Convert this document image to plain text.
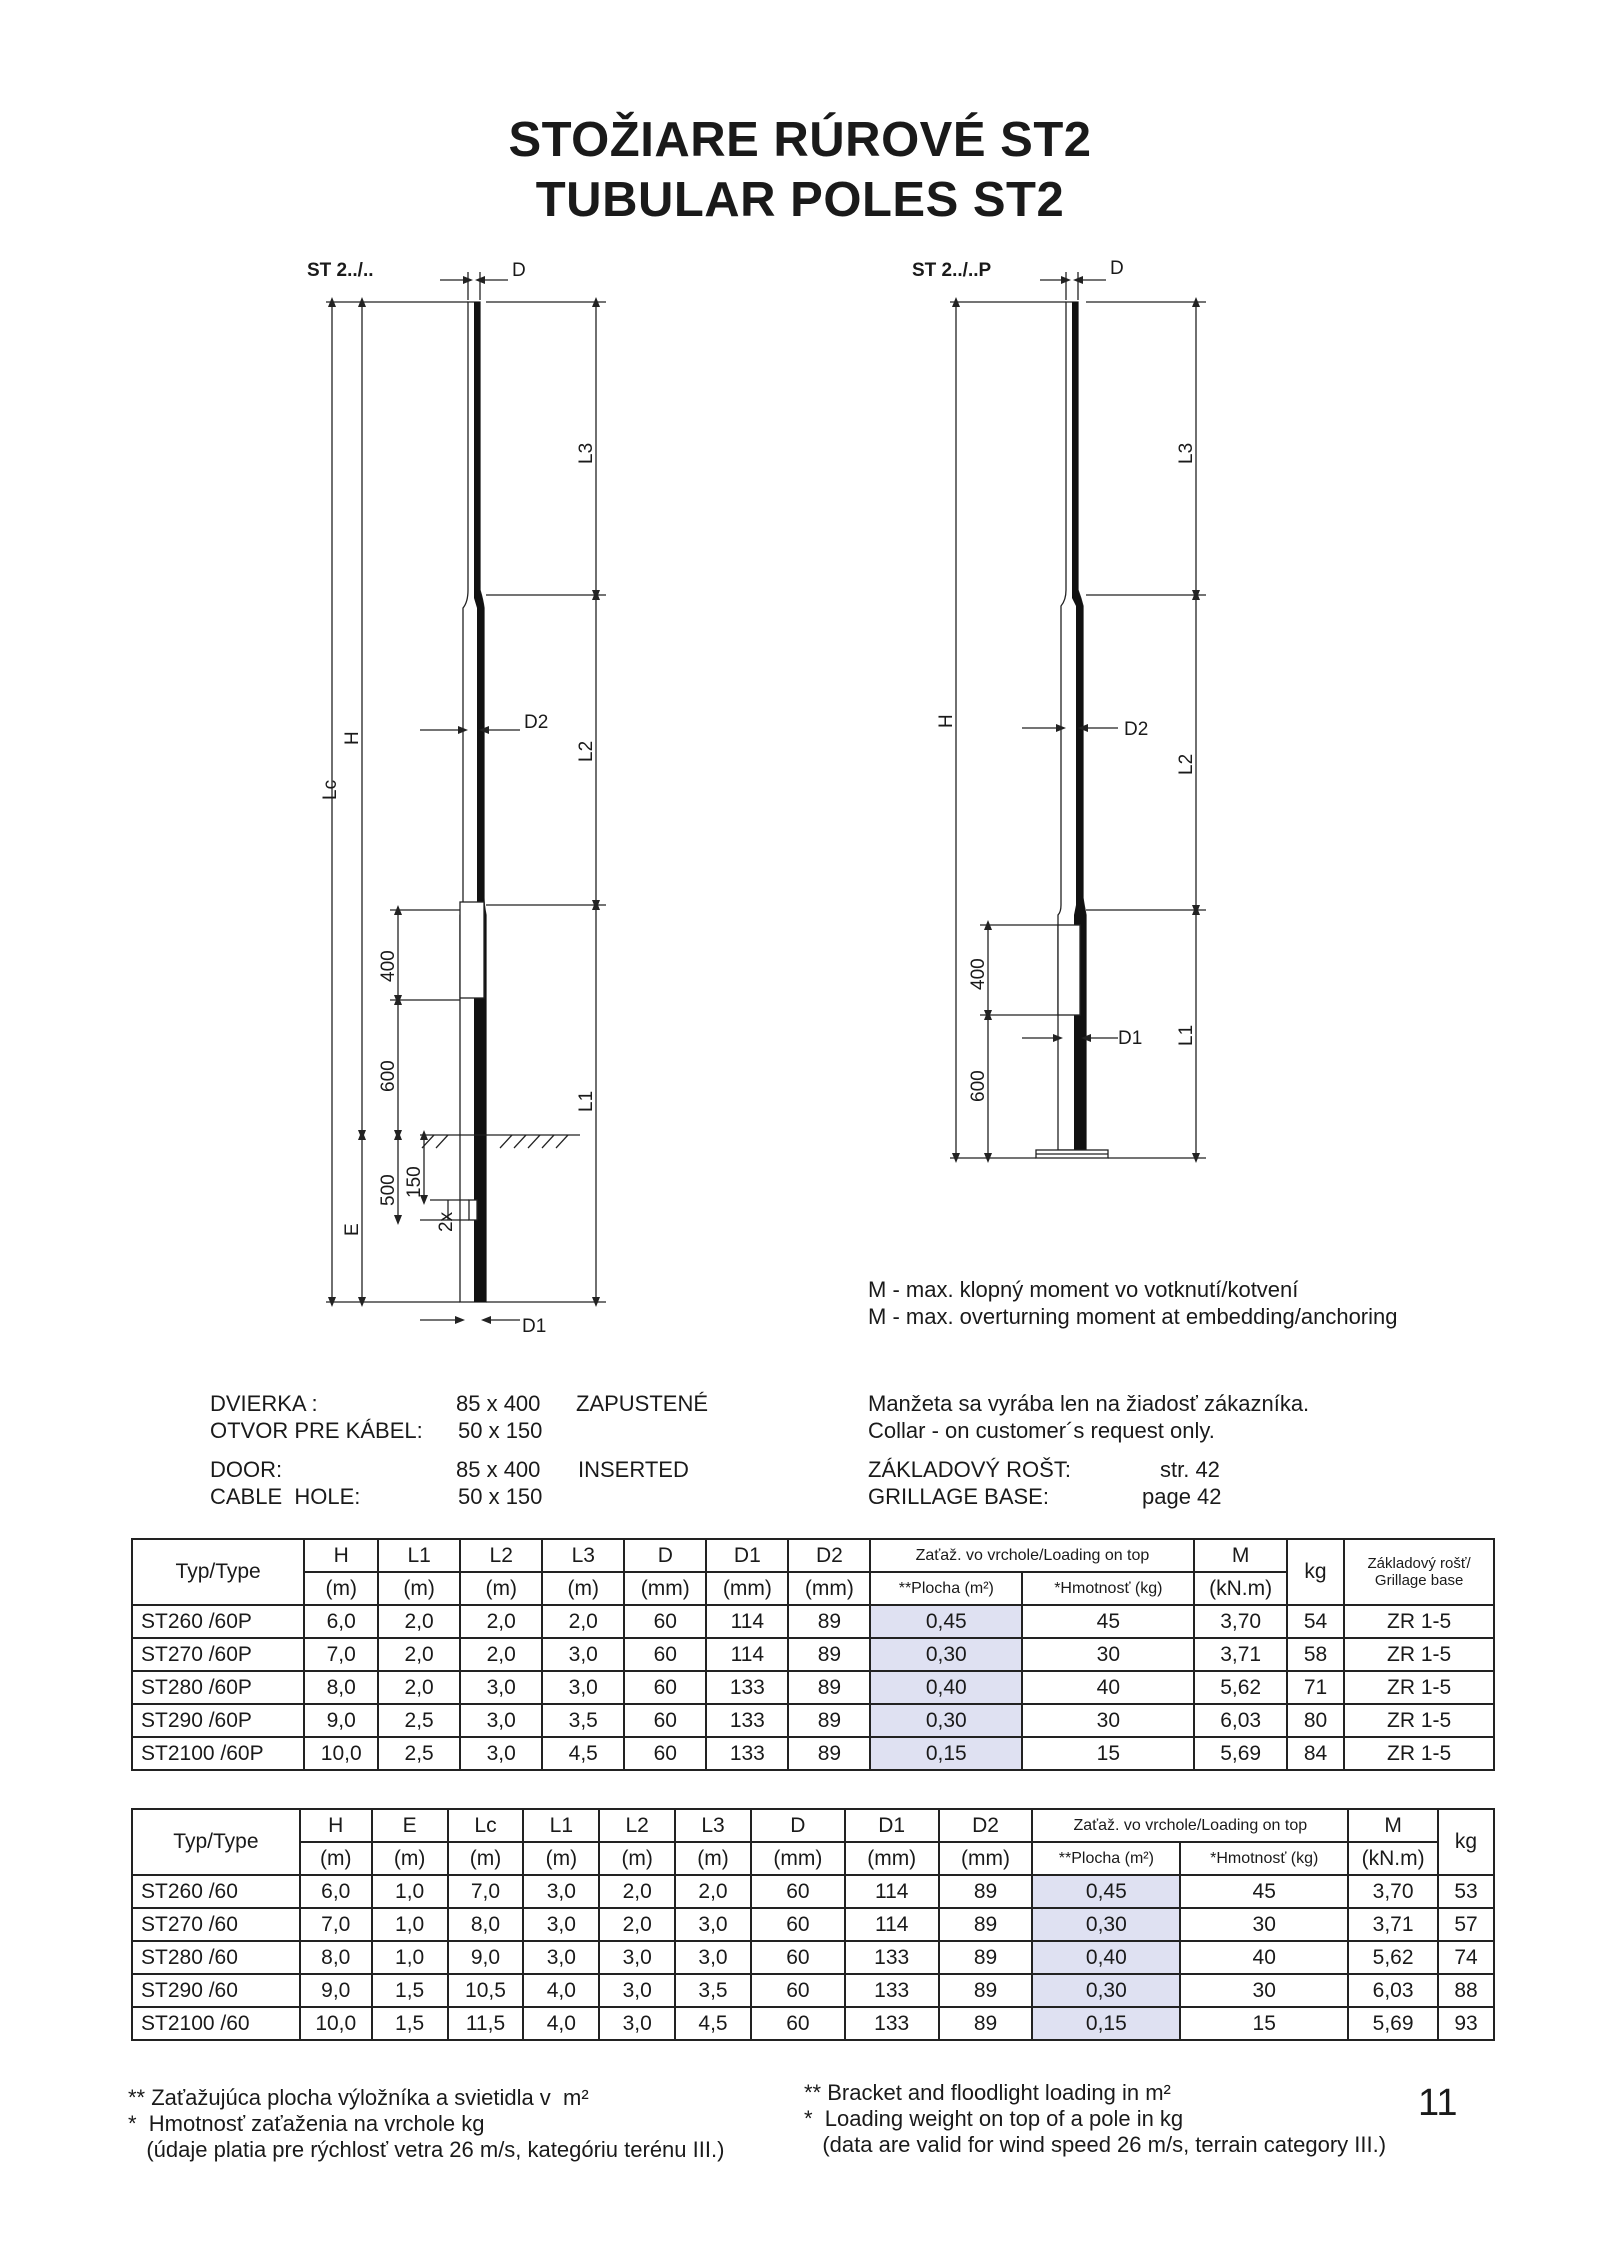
STOŽIARE RÚROVÉ ST2
TUBULAR POLES ST2
ST 2../..	D
D2
D1
Lc
H
E
400
600
500 150
2x
L3
L2
L1
ST 2../..P	D
D2
D1
H
400
600
L3
L2
L1
M - max. klopný moment vo votknutí/kotvení
M - max. overturning moment at embedding/anchoring
DVIERKA :	85 x 400 ZAPUSTENÉ
OTVOR PRE KÁBEL: 50 x 150
DOOR:	85 x 400 INSERTED
CABLE  HOLE:	50 x 150
Manžeta sa vyrába len na žiadosť zákazníka.
Collar - on customer´s request only.
ZÁKLADOVÝ ROŠT:	str. 42
GRILLAGE BASE:	page 42
Typ/Type	H	L1	L2	L3	D	D1	D2	Zaťaž. vo vrchole/Loading on top		M	kg	Základový rošť/
Grillage base

	(m)	(m)	(m)	(m)	(mm)	(mm)	(mm)	**Plocha (m²)	*Hmotnosť (kg)	(kN.m)		
ST260 /60P	6,0	2,0	2,0	2,0	60	114	89	0,45	45	3,70	54	ZR 1-5
ST270 /60P	7,0	2,0	2,0	3,0	60	114	89	0,30	30	3,71	58	ZR 1-5
ST280 /60P	8,0	2,0	3,0	3,0	60	133	89	0,40	40	5,62	71	ZR 1-5
ST290 /60P	9,0	2,5	3,0	3,5	60	133	89	0,30	30	6,03	80	ZR 1-5
ST2100 /60P	10,0	2,5	3,0	4,5	60	133	89	0,15	15	5,69	84	ZR 1-5
Typ/Type	H	E	Lc	L1	L2	L3	D	D1	D2	Zaťaž. vo vrchole/Loading on top		M	kg
	(m)	(m)	(m)	(m)	(m)	(m)	(mm)	(mm)	(mm)	**Plocha (m²)	*Hmotnosť (kg)	(kN.m)	
ST260 /60	6,0	1,0	7,0	3,0	2,0	2,0	60	114	89	0,45	45	3,70	53
ST270 /60	7,0	1,0	8,0	3,0	2,0	3,0	60	114	89	0,30	30	3,71	57
ST280 /60	8,0	1,0	9,0	3,0	3,0	3,0	60	133	89	0,40	40	5,62	74
ST290 /60	9,0	1,5	10,5	4,0	3,0	3,5	60	133	89	0,30	30	6,03	88
ST2100 /60	10,0	1,5	11,5	4,0	3,0	4,5	60	133	89	0,15	15	5,69	93
** Zaťažujúca plocha výložníka a svietidla v  m²
*  Hmotnosť zaťaženia na vrchole kg
(údaje platia pre rýchlosť vetra 26 m/s, kategóriu terénu III.)
** Bracket and floodlight loading in m²
*  Loading weight on top of a pole in kg
(data are valid for wind speed 26 m/s, terrain category III.)
11
